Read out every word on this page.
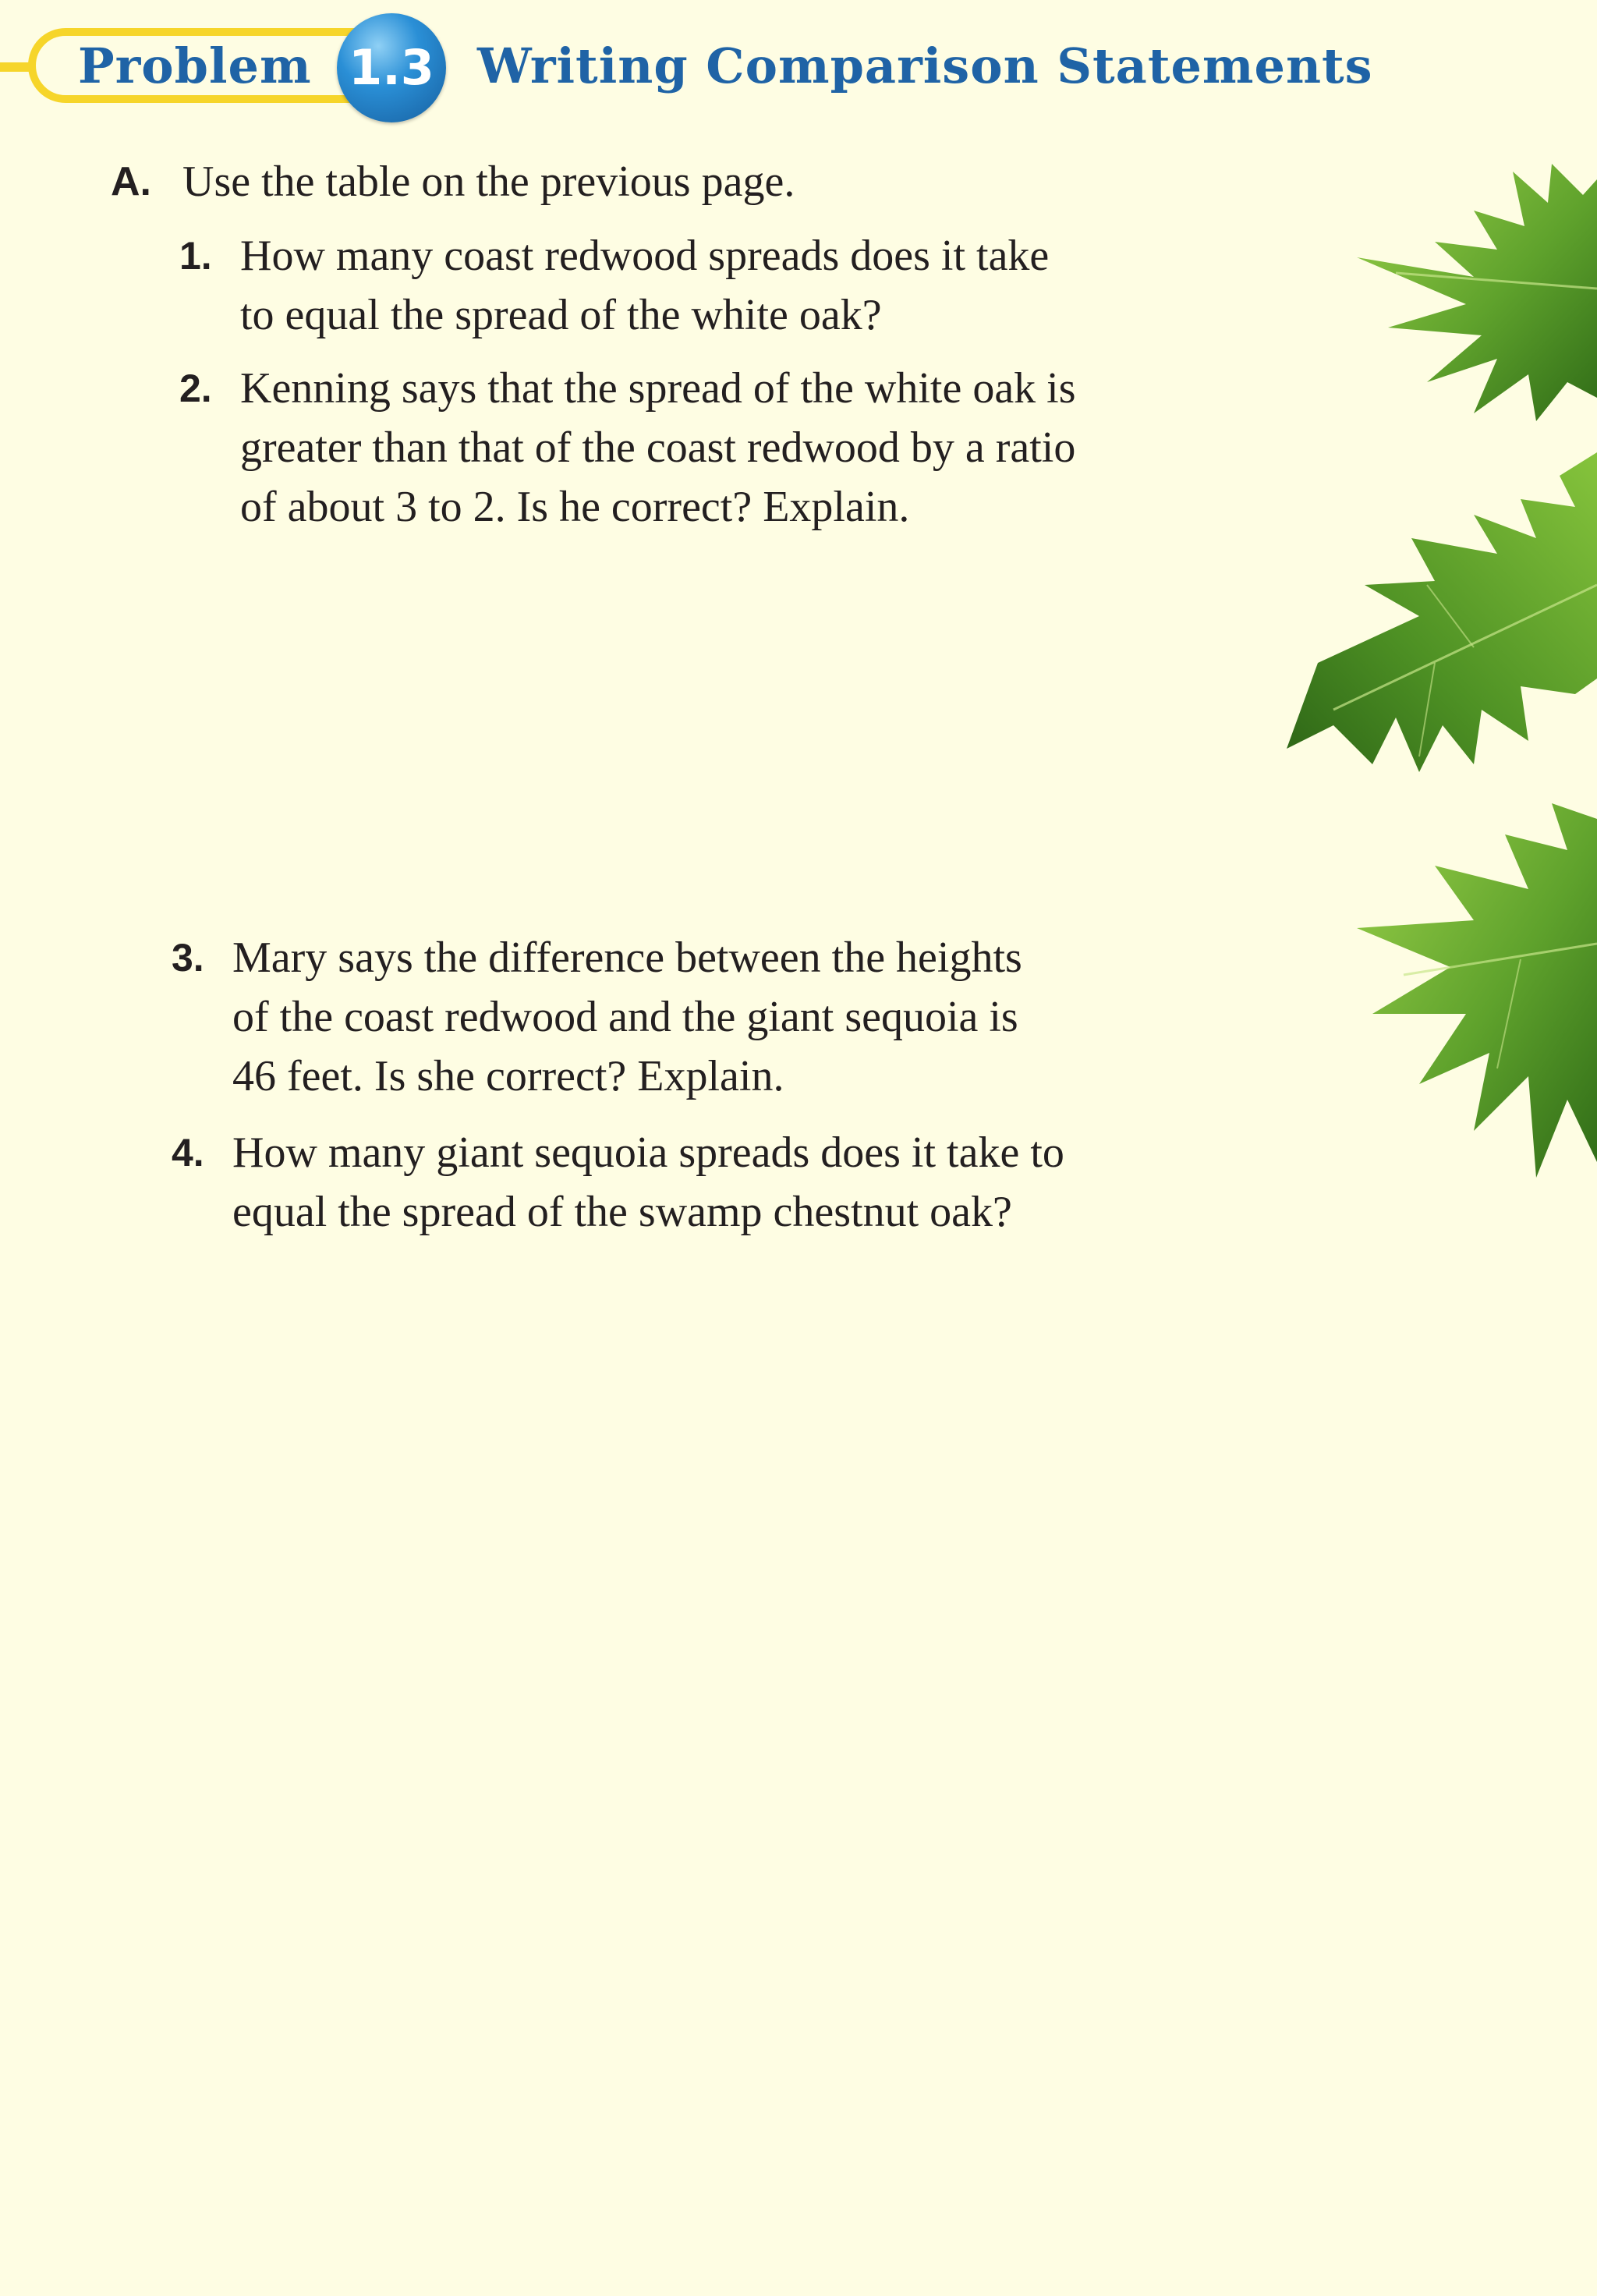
Problem 1.3 Writing Comparison Statements
A. Use the table on the previous page.
1. How many coast redwood spreads does it take
to equal the spread of the white oak?
2. Kenning says that the spread of the white oak is
greater than that of the coast redwood by a ratio
of about 3 to 2. Is he correct? Explain.
3. Mary says the difference between the heights
of the coast redwood and the giant sequoia is
46 feet. Is she correct? Explain.
4. How many giant sequoia spreads does it take to
equal the spread of the swamp chestnut oak?
